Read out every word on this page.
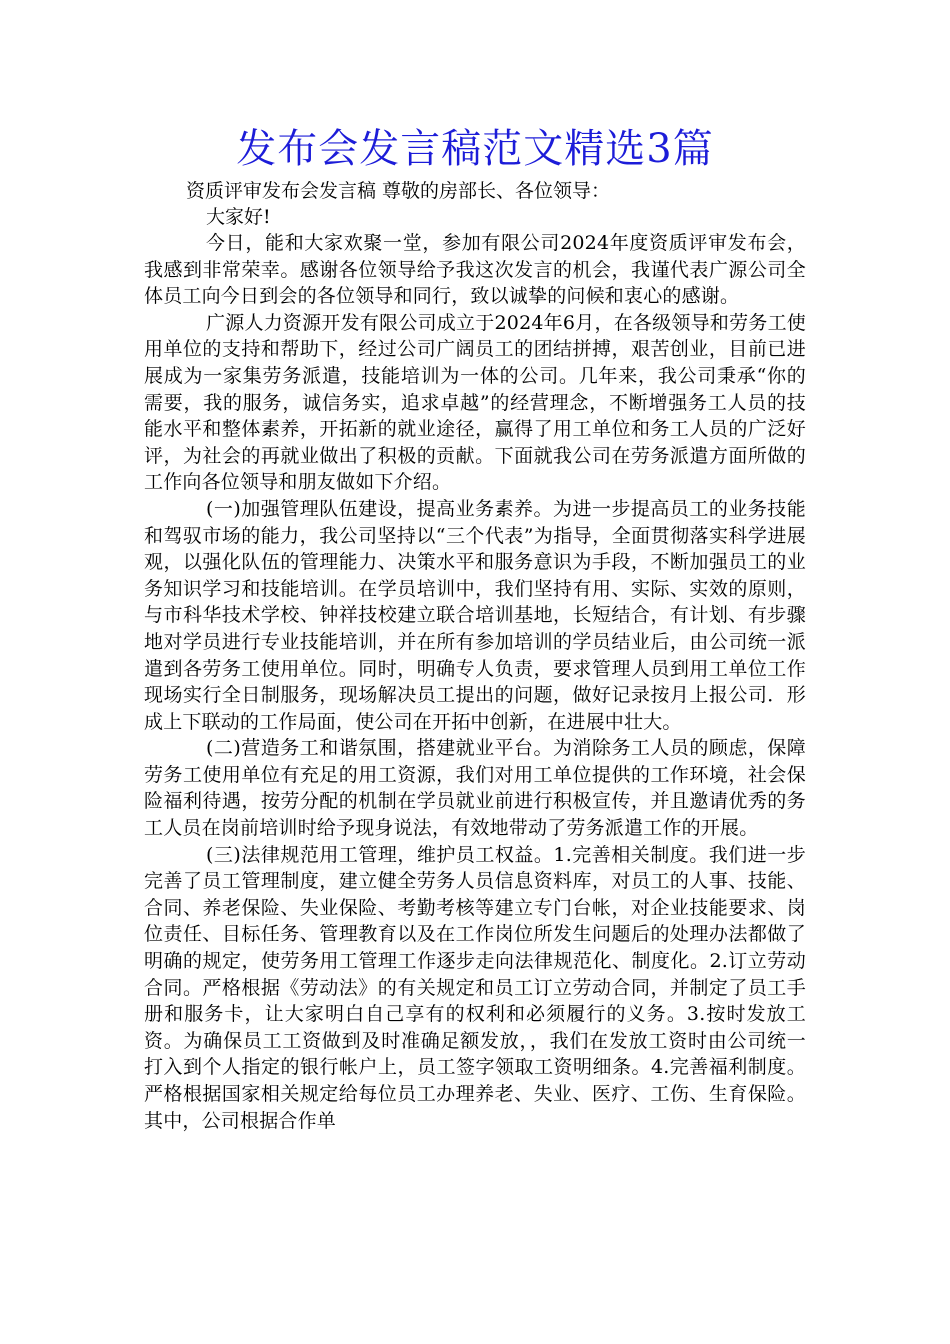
发布会发言稿范文精选3篇

资质评审发布会发言稿 尊敬的房部长、各位领导：

大家好!

今日，能和大家欢聚一堂，参加有限公司2024年度资质评审发布会，我感到非常荣幸。感谢各位领导给予我这次发言的机会，我谨代表广源公司全体员工向今日到会的各位领导和同行，致以诚挚的问候和衷心的感谢。

广源人力资源开发有限公司成立于2024年6月，在各级领导和劳务工使用单位的支持和帮助下，经过公司广阔员工的团结拼搏，艰苦创业，目前已进展成为一家集劳务派遣，技能培训为一体的公司。几年来，我公司秉承“你的需要，我的服务，诚信务实，追求卓越”的经营理念，不断增强务工人员的技能水平和整体素养，开拓新的就业途径，赢得了用工单位和务工人员的广泛好评，为社会的再就业做出了积极的贡献。下面就我公司在劳务派遣方面所做的工作向各位领导和朋友做如下介绍。

(一)加强管理队伍建设，提高业务素养。为进一步提高员工的业务技能和驾驭市场的能力，我公司坚持以“三个代表”为指导，全面贯彻落实科学进展观，以强化队伍的管理能力、决策水平和服务意识为手段，不断加强员工的业务知识学习和技能培训。在学员培训中，我们坚持有用、实际、实效的原则，与市科华技术学校、钟祥技校建立联合培训基地，长短结合，有计划、有步骤地对学员进行专业技能培训，并在所有参加培训的学员结业后，由公司统一派遣到各劳务工使用单位。同时，明确专人负责，要求管理人员到用工单位工作现场实行全日制服务，现场解决员工提出的问题，做好记录按月上报公司．形成上下联动的工作局面，使公司在开拓中创新，在进展中壮大。

(二)营造务工和谐氛围，搭建就业平台。为消除务工人员的顾虑，保障劳务工使用单位有充足的用工资源，我们对用工单位提供的工作环境，社会保险福利待遇，按劳分配的机制在学员就业前进行积极宣传，并且邀请优秀的务工人员在岗前培训时给予现身说法，有效地带动了劳务派遣工作的开展。

(三)法律规范用工管理，维护员工权益。1.完善相关制度。我们进一步完善了员工管理制度，建立健全劳务人员信息资料库，对员工的人事、技能、合同、养老保险、失业保险、考勤考核等建立专门台帐，对企业技能要求、岗位责任、目标任务、管理教育以及在工作岗位所发生问题后的处理办法都做了明确的规定，使劳务用工管理工作逐步走向法律规范化、制度化。2.订立劳动合同。严格根据《劳动法》的有关规定和员工订立劳动合同，并制定了员工手册和服务卡，让大家明白自己享有的权利和必须履行的义务。3.按时发放工资。为确保员工工资做到及时准确足额发放，，我们在发放工资时由公司统一打入到个人指定的银行帐户上，员工签字领取工资明细条。4.完善福利制度。严格根据国家相关规定给每位员工办理养老、失业、医疗、工伤、生育保险。其中，公司根据合作单
